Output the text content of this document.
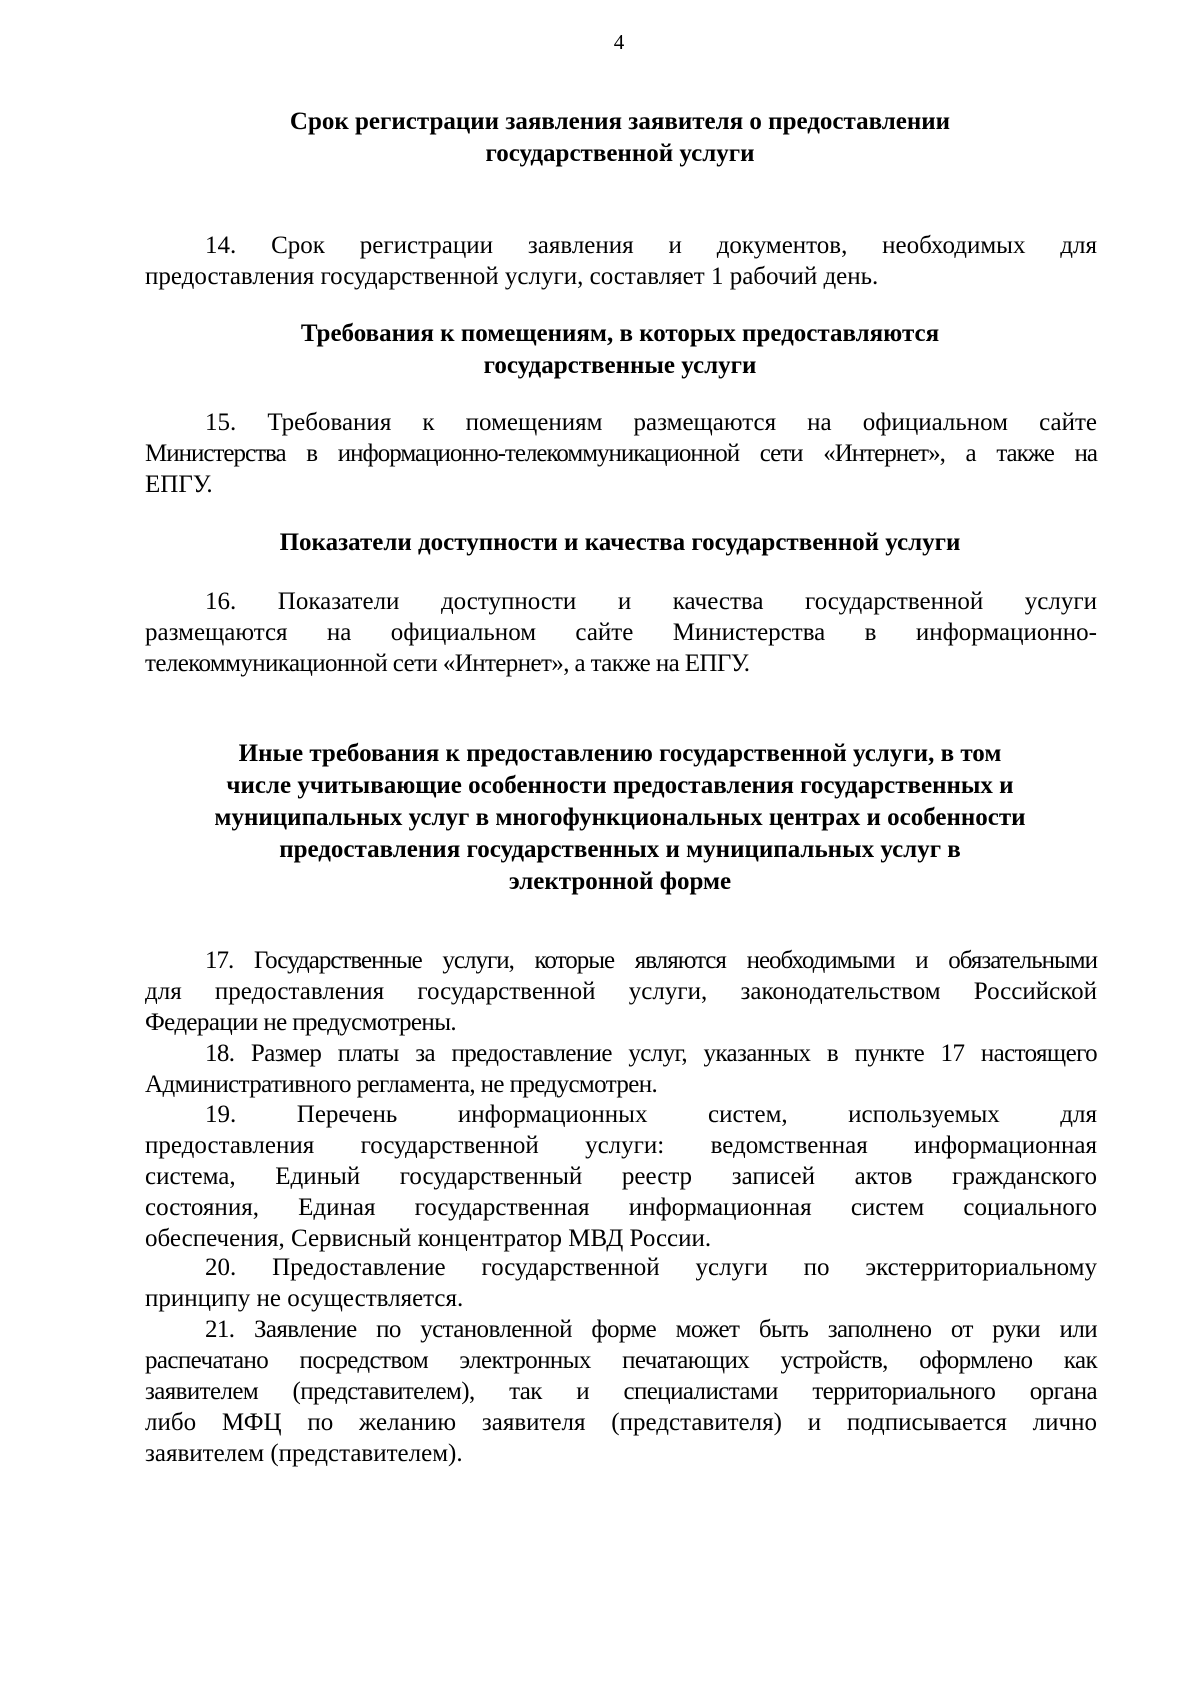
4
Срок регистрации заявления заявителя о предоставлении
государственной услуги
14. Срок регистрации заявления и документов, необходимых для
предоставления государственной услуги, составляет 1 рабочий день.
Требования к помещениям, в которых предоставляются
государственные услуги
15. Требования к помещениям размещаются на официальном сайте
Министерства в информационно-телекоммуникационной сети «Интернет», а также на
ЕПГУ.
Показатели доступности и качества государственной услуги
16. Показатели доступности и качества государственной услуги
размещаются на официальном сайте Министерства в информационно-
телекоммуникационной сети «Интернет», а также на ЕПГУ.
Иные требования к предоставлению государственной услуги, в том
числе учитывающие особенности предоставления государственных и
муниципальных услуг в многофункциональных центрах и особенности
предоставления государственных и муниципальных услуг в
электронной форме
17. Государственные услуги, которые являются необходимыми и обязательными
для предоставления государственной услуги, законодательством Российской
Федерации не предусмотрены.
18. Размер платы за предоставление услуг, указанных в пункте 17 настоящего
Административного регламента, не предусмотрен.
19. Перечень информационных систем, используемых для
предоставления государственной услуги: ведомственная информационная
система, Единый государственный реестр записей актов гражданского
состояния, Единая государственная информационная систем социального
обеспечения, Сервисный концентратор МВД России.
20. Предоставление государственной услуги по экстерриториальному
принципу не осуществляется.
21. Заявление по установленной форме может быть заполнено от руки или
распечатано посредством электронных печатающих устройств, оформлено как
заявителем (представителем), так и специалистами территориального органа
либо МФЦ по желанию заявителя (представителя) и подписывается лично
заявителем (представителем).
